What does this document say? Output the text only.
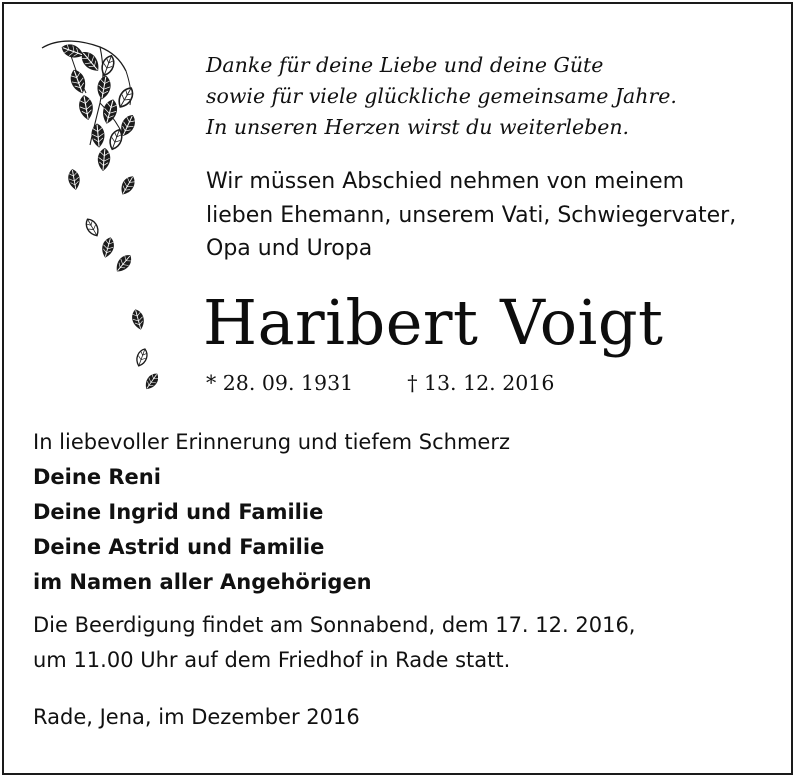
Danke für deine Liebe und deine Güte
sowie für viele glückliche gemeinsame Jahre.
In unseren Herzen wirst du weiterleben.
Wir müssen Abschied nehmen von meinem
lieben Ehemann, unserem Vati, Schwiegervater,
Opa und Uropa
Haribert Voigt
* 28. 09. 1931	† 13. 12. 2016
In liebevoller Erinnerung und tiefem Schmerz
Deine Reni
Deine Ingrid und Familie
Deine Astrid und Familie
im Namen aller Angehörigen
Die Beerdigung findet am Sonnabend, dem 17. 12. 2016,
um 11.00 Uhr auf dem Friedhof in Rade statt.
Rade, Jena, im Dezember 2016
